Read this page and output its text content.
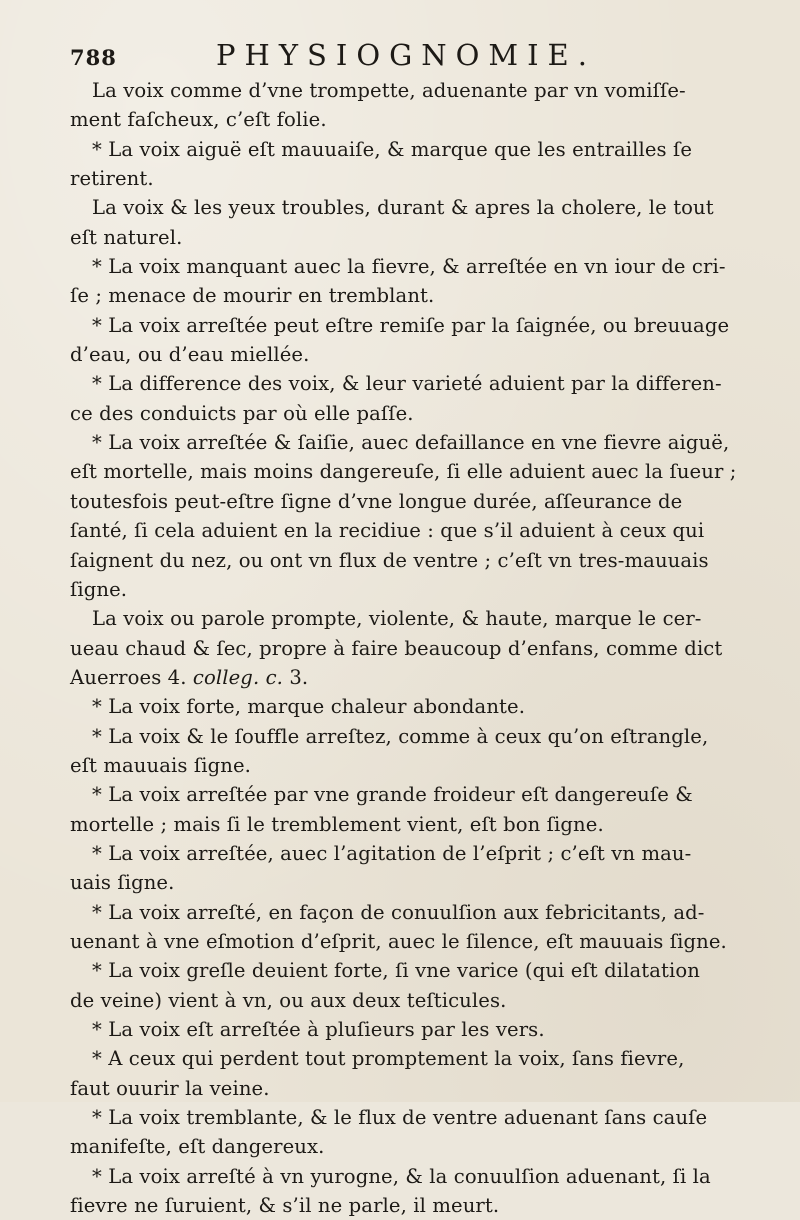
788	PHYSIOGNOMIE.

La voix comme d’vne trompette, aduenante par vn vomiſſe-
ment faſcheux, c’eſt folie.

* La voix aiguë eſt mauuaiſe, & marque que les entrailles ſe
retirent.

La voix & les yeux troubles, durant & apres la cholere, le tout
eſt naturel.

* La voix manquant auec la fievre, & arreſtée en vn iour de cri-
ſe ; menace de mourir en tremblant.

* La voix arreſtée peut eſtre remiſe par la ſaignée, ou breuuage
d’eau, ou d’eau miellée.

* La difference des voix, & leur varieté aduient par la differen-
ce des conduicts par où elle paſſe.

* La voix arreſtée & ſaiſie, auec defaillance en vne fievre aiguë,
eſt mortelle, mais moins dangereuſe, ſi elle aduient auec la ſueur ;
toutesfois peut-eſtre ſigne d’vne longue durée, aſſeurance de
ſanté, ſi cela aduient en la recidiue : que s’il aduient à ceux qui
ſaignent du nez, ou ont vn flux de ventre ; c’eſt vn tres-mauuais
ſigne.

La voix ou parole prompte, violente, & haute, marque le cer-
ueau chaud & ſec, propre à faire beaucoup d’enfans, comme dict
Auerroes 4. colleg. c. 3.

* La voix forte, marque chaleur abondante.

* La voix & le ſouffle arreſtez, comme à ceux qu’on eſtrangle,
eſt mauuais ſigne.

* La voix arreſtée par vne grande froideur eſt dangereuſe &
mortelle ; mais ſi le tremblement vient, eſt bon ſigne.

* La voix arreſtée, auec l’agitation de l’eſprit ; c’eſt vn mau-
uais ſigne.

* La voix arreſté, en façon de conuulſion aux febricitants, ad-
uenant à vne eſmotion d’eſprit, auec le ſilence, eſt mauuais ſigne.

* La voix greſle deuient forte, ſi vne varice (qui eſt dilatation
de veine) vient à vn, ou aux deux teſticules.

* La voix eſt arreſtée à pluſieurs par les vers.

* A ceux qui perdent tout promptement la voix, ſans fievre,
faut ouurir la veine.

* La voix tremblante, & le flux de ventre aduenant ſans cauſe
manifeſte, eſt dangereux.

* La voix arreſté à vn yurogne, & la conuulſion aduenant, ſi la
fievre ne ſuruient, & s’il ne parle, il meurt.
